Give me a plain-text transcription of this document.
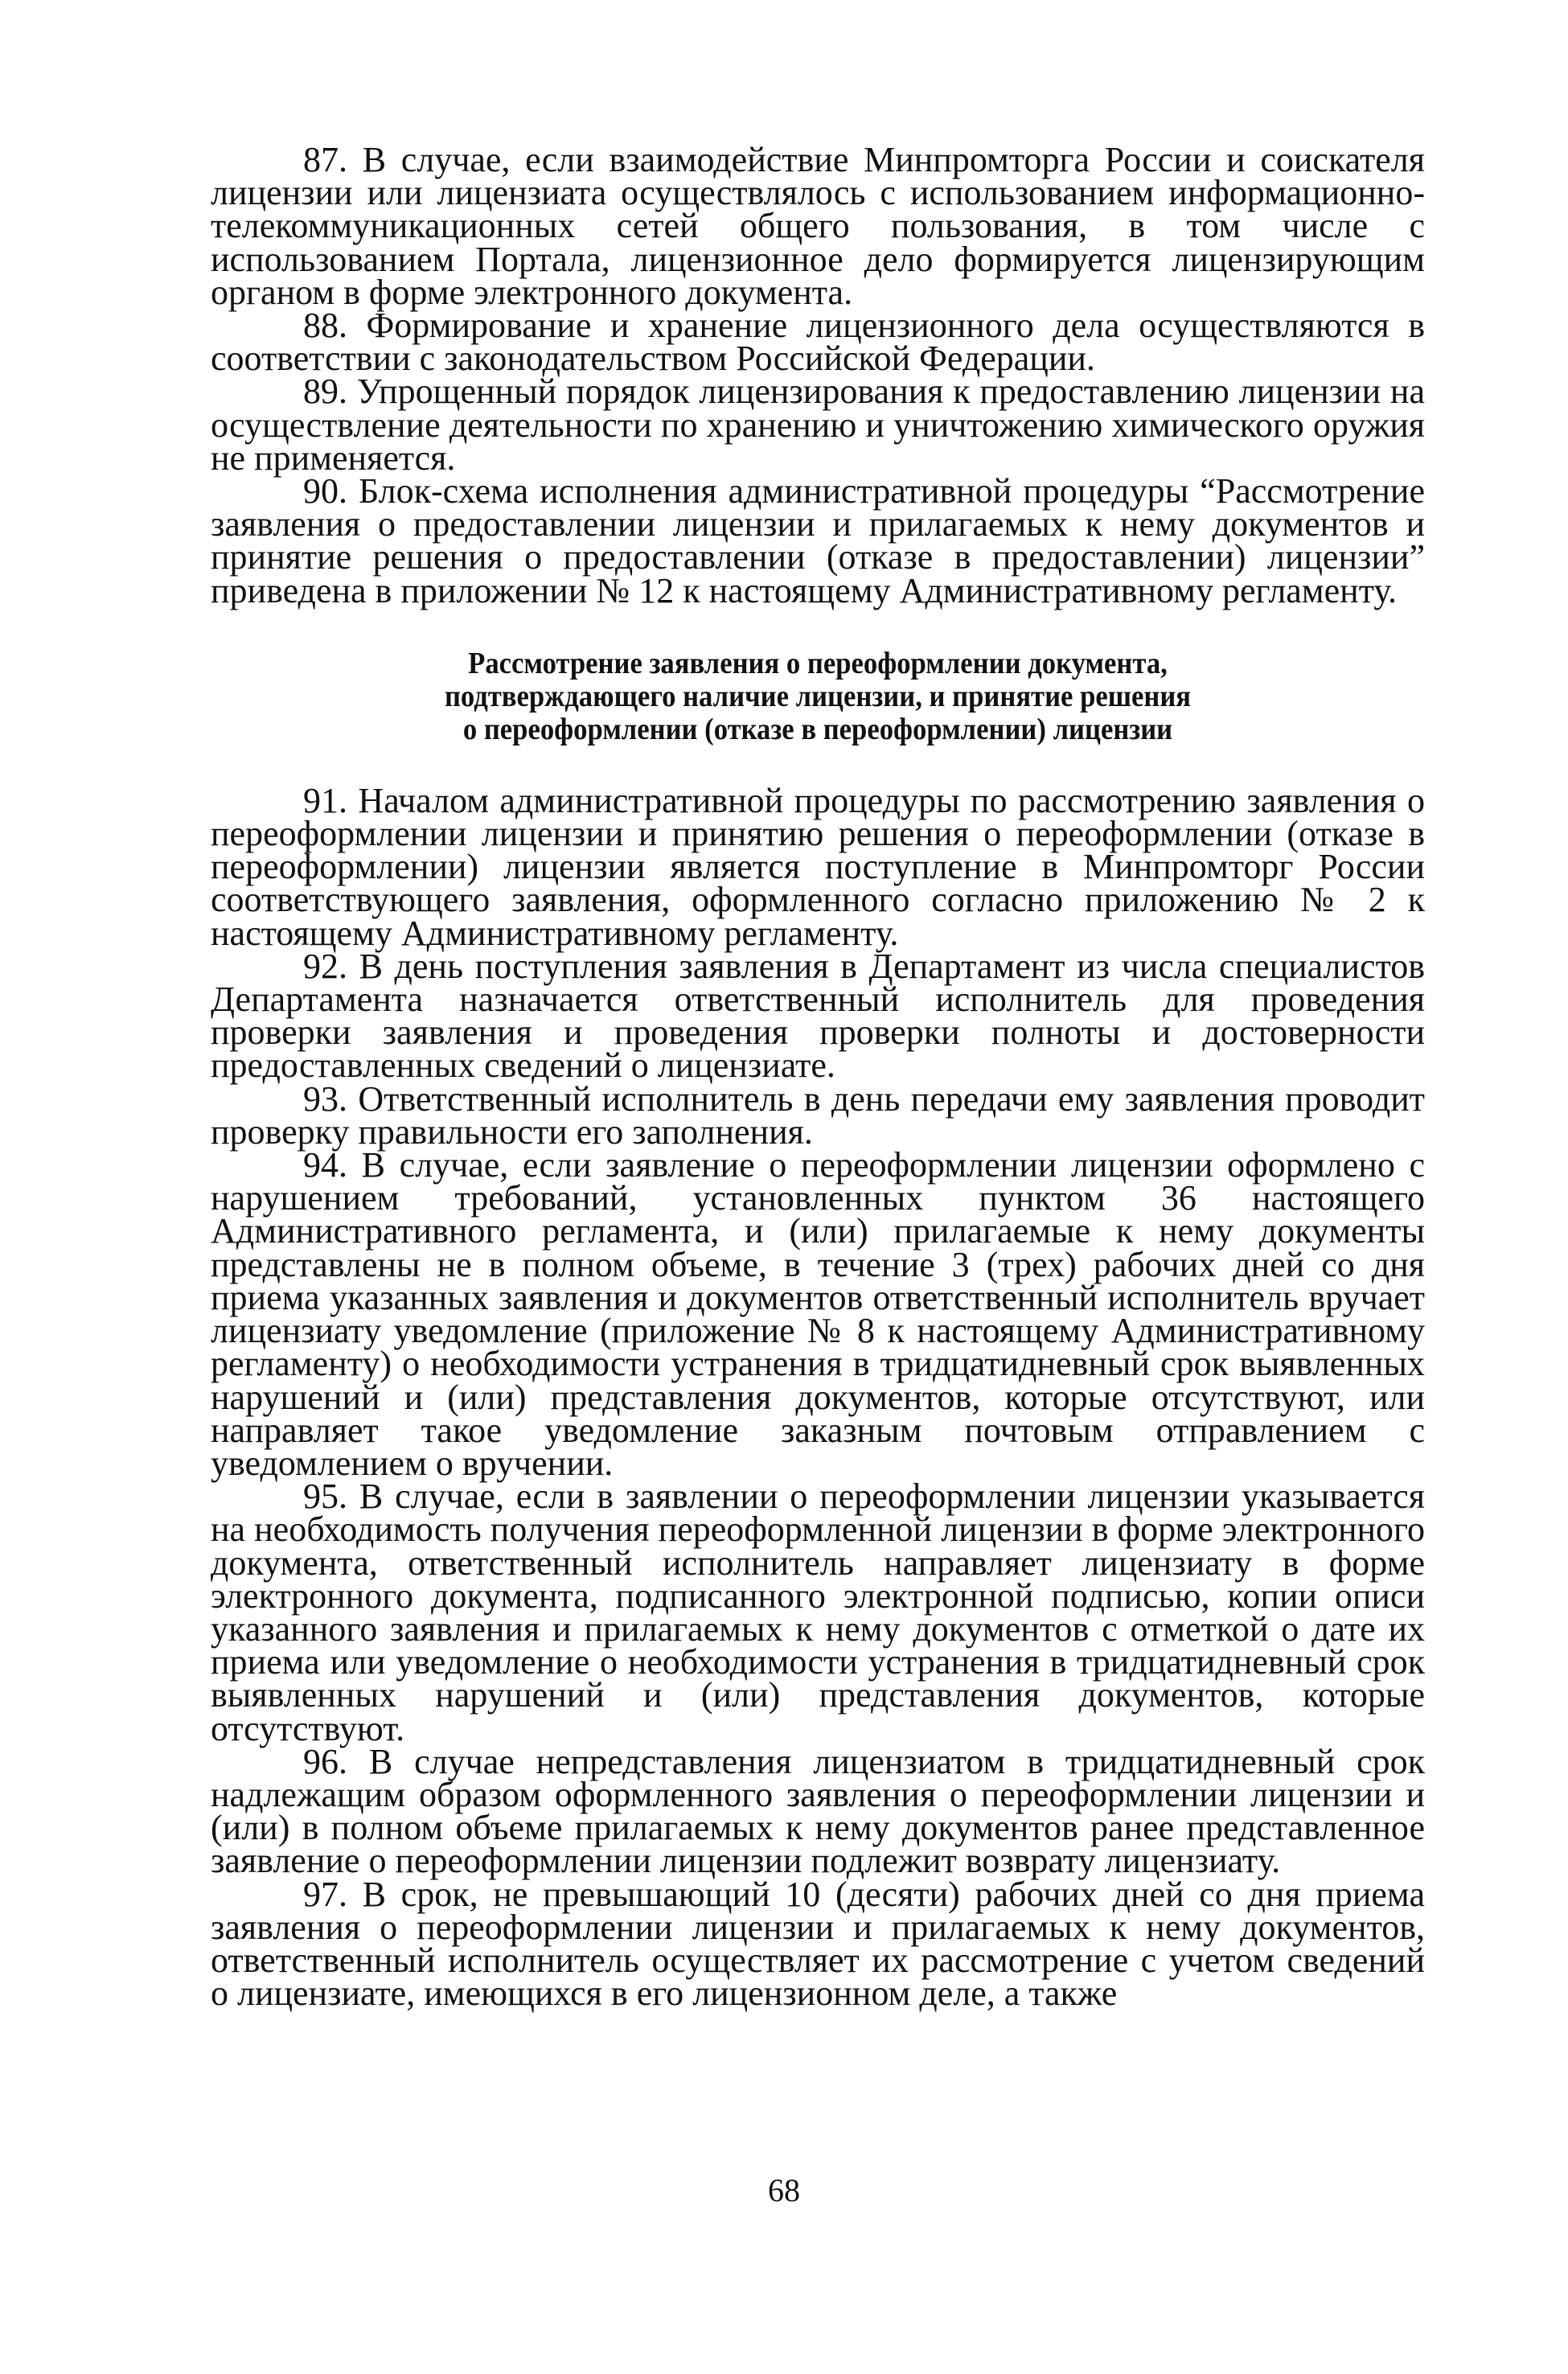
87. В случае, если взаимодействие Минпромторга России и соискателя лицензии или лицензиата осуществлялось с использованием информационно-телекоммуникационных сетей общего пользования, в том числе с использованием Портала, лицензионное дело формируется лицензирующим органом в форме электронного документа.

88. Формирование и хранение лицензионного дела осуществляются в соответствии с законодательством Российской Федерации.

89. Упрощенный порядок лицензирования к предоставлению лицензии на осуществление деятельности по хранению и уничтожению химического оружия не применяется.

90. Блок-схема исполнения административной процедуры “Рассмотрение заявления о предоставлении лицензии и прилагаемых к нему документов и принятие решения о предоставлении (отказе в предоставлении) лицензии” приведена в приложении № 12 к настоящему Административному регламенту.

Рассмотрение заявления о переоформлении документа,
подтверждающего наличие лицензии, и принятие решения
о переоформлении (отказе в переоформлении) лицензии

91. Началом административной процедуры по рассмотрению заявления о переоформлении лицензии и принятию решения о переоформлении (отказе в переоформлении) лицензии является поступление в Минпромторг России соответствующего заявления, оформленного согласно приложению № 2 к настоящему Административному регламенту.

92. В день поступления заявления в Департамент из числа специалистов Департамента назначается ответственный исполнитель для проведения проверки заявления и проведения проверки полноты и достоверности предоставленных сведений о лицензиате.

93. Ответственный исполнитель в день передачи ему заявления проводит проверку правильности его заполнения.

94. В случае, если заявление о переоформлении лицензии оформлено с нарушением требований, установленных пунктом 36 настоящего Административного регламента, и (или) прилагаемые к нему документы представлены не в полном объеме, в течение 3 (трех) рабочих дней со дня приема указанных заявления и документов ответственный исполнитель вручает лицензиату уведомление (приложение № 8 к настоящему Административному регламенту) о необходимости устранения в тридцатидневный срок выявленных нарушений и (или) представления документов, которые отсутствуют, или направляет такое уведомление заказным почтовым отправлением с уведомлением о вручении.

95. В случае, если в заявлении о переоформлении лицензии указывается на необходимость получения переоформленной лицензии в форме электронного документа, ответственный исполнитель направляет лицензиату в форме электронного документа, подписанного электронной подписью, копии описи указанного заявления и прилагаемых к нему документов с отметкой о дате их приема или уведомление о необходимости устранения в тридцатидневный срок выявленных нарушений и (или) представления документов, которые отсутствуют.

96. В случае непредставления лицензиатом в тридцатидневный срок надлежащим образом оформленного заявления о переоформлении лицензии и (или) в полном объеме прилагаемых к нему документов ранее представленное заявление о переоформлении лицензии подлежит возврату лицензиату.

97. В срок, не превышающий 10 (десяти) рабочих дней со дня приема заявления о переоформлении лицензии и прилагаемых к нему документов, ответственный исполнитель осуществляет их рассмотрение с учетом сведений о лицензиате, имеющихся в его лицензионном деле, а также

68
